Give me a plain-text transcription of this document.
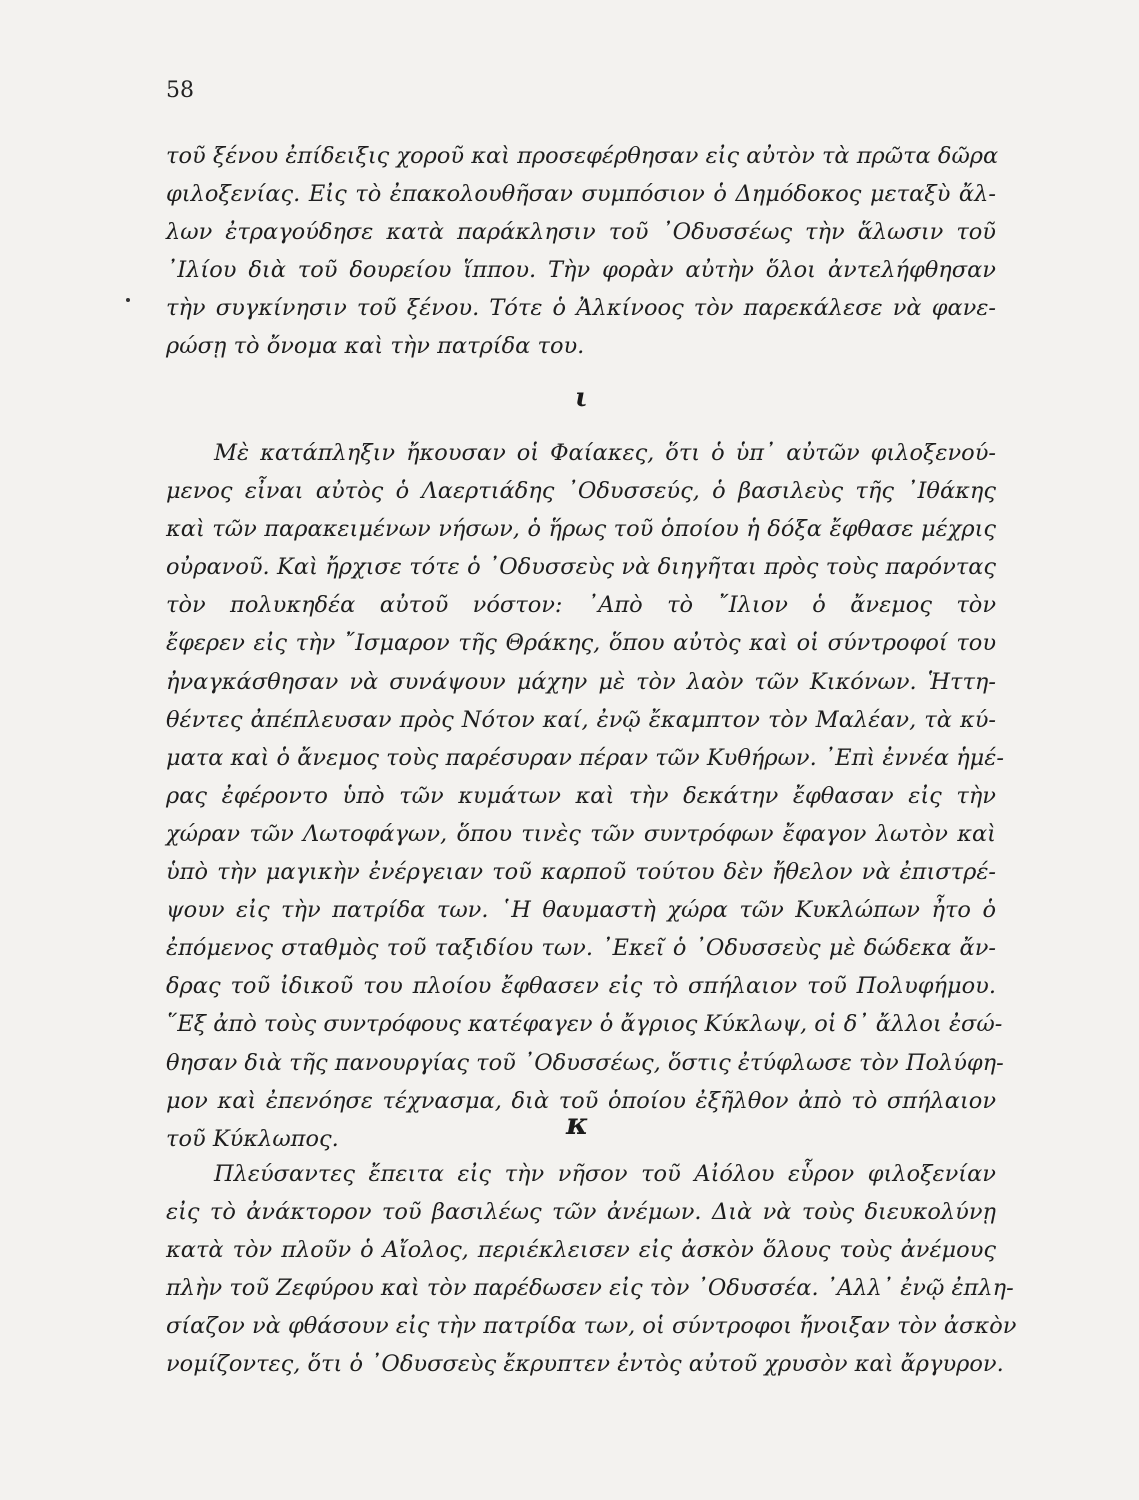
58
τοῦ ξένου ἐπίδειξις χοροῦ καὶ προσεφέρθησαν εἰς αὐτὸν τὰ πρῶτα δῶρα
φιλοξενίας. Εἰς τὸ ἐπακολουθῆσαν συμπόσιον ὁ Δημόδοκος μεταξὺ ἄλ-
λων ἐτραγούδησε κατὰ παράκλησιν τοῦ ᾿Οδυσσέως τὴν ἅλωσιν τοῦ
᾿Ιλίου διὰ τοῦ δουρείου ἵππου. Τὴν φορὰν αὐτὴν ὅλοι ἀντελήφθησαν
τὴν συγκίνησιν τοῦ ξένου. Τότε ὁ Ἀλκίνοος τὸν παρεκάλεσε νὰ φανε-
ρώσῃ τὸ ὄνομα καὶ τὴν πατρίδα του.
ι
Μὲ κατάπληξιν ἤκουσαν οἱ Φαίακες, ὅτι ὁ ὑπ᾿ αὐτῶν φιλοξενού-
μενος εἶναι αὐτὸς ὁ Λαερτιάδης ᾿Οδυσσεύς, ὁ βασιλεὺς τῆς ᾿Ιθάκης
καὶ τῶν παρακειμένων νήσων, ὁ ἥρως τοῦ ὁποίου ἡ δόξα ἔφθασε μέχρις
οὐρανοῦ. Καὶ ἤρχισε τότε ὁ ᾿Οδυσσεὺς νὰ διηγῆται πρὸς τοὺς παρόντας
τὸν πολυκηδέα αὐτοῦ νόστον: ᾿Απὸ τὸ ῎Ιλιον ὁ ἄνεμος τὸν
ἔφερεν εἰς τὴν ῎Ισμαρον τῆς Θράκης, ὅπου αὐτὸς καὶ οἱ σύντροφοί του
ἠναγκάσθησαν νὰ συνάψουν μάχην μὲ τὸν λαὸν τῶν Κικόνων. Ἡττη-
θέντες ἀπέπλευσαν πρὸς Νότον καί, ἐνῷ ἔκαμπτον τὸν Μαλέαν, τὰ κύ-
ματα καὶ ὁ ἄνεμος τοὺς παρέσυραν πέραν τῶν Κυθήρων. ᾿Επὶ ἐννέα ἡμέ-
ρας ἐφέροντο ὑπὸ τῶν κυμάτων καὶ τὴν δεκάτην ἔφθασαν εἰς τὴν
χώραν τῶν Λωτοφάγων, ὅπου τινὲς τῶν συντρόφων ἔφαγον λωτὸν καὶ
ὑπὸ τὴν μαγικὴν ἐνέργειαν τοῦ καρποῦ τούτου δὲν ἤθελον νὰ ἐπιστρέ-
ψουν εἰς τὴν πατρίδα των. ῾Η θαυμαστὴ χώρα τῶν Κυκλώπων ἦτο ὁ
ἐπόμενος σταθμὸς τοῦ ταξιδίου των. ᾿Εκεῖ ὁ ᾿Οδυσσεὺς μὲ δώδεκα ἄν-
δρας τοῦ ἰδικοῦ του πλοίου ἔφθασεν εἰς τὸ σπήλαιον τοῦ Πολυφήμου.
῞Εξ ἀπὸ τοὺς συντρόφους κατέφαγεν ὁ ἄγριος Κύκλωψ, οἱ δ᾿ ἄλλοι ἐσώ-
θησαν διὰ τῆς πανουργίας τοῦ ᾿Οδυσσέως, ὅστις ἐτύφλωσε τὸν Πολύφη-
μον καὶ ἐπενόησε τέχνασμα, διὰ τοῦ ὁποίου ἐξῆλθον ἀπὸ τὸ σπήλαιον
τοῦ Κύκλωπος.	κ
Πλεύσαντες ἔπειτα εἰς τὴν νῆσον τοῦ Αἰόλου εὗρον φιλοξενίαν
εἰς τὸ ἀνάκτορον τοῦ βασιλέως τῶν ἀνέμων. Διὰ νὰ τοὺς διευκολύνῃ
κατὰ τὸν πλοῦν ὁ Αἴολος, περιέκλεισεν εἰς ἀσκὸν ὅλους τοὺς ἀνέμους
πλὴν τοῦ Ζεφύρου καὶ τὸν παρέδωσεν εἰς τὸν ᾿Οδυσσέα. ᾿Αλλ᾿ ἐνῷ ἐπλη-
σίαζον νὰ φθάσουν εἰς τὴν πατρίδα των, οἱ σύντροφοι ἤνοιξαν τὸν ἀσκὸν
νομίζοντες, ὅτι ὁ ᾿Οδυσσεὺς ἔκρυπτεν ἐντὸς αὐτοῦ χρυσὸν καὶ ἄργυρον.
